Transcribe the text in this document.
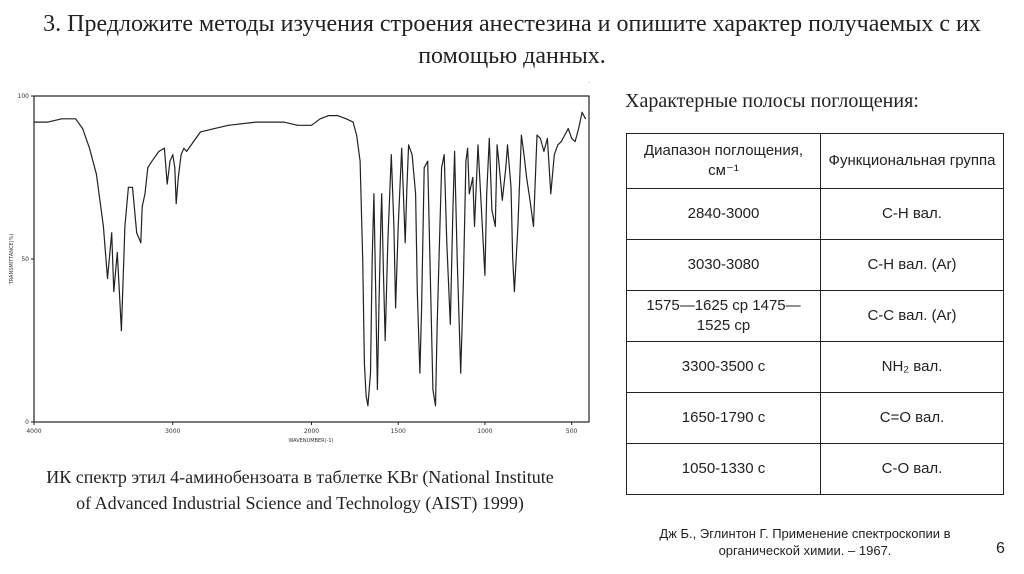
3. Предложите методы изучения строения анестезина и опишите характер получаемых с их помощью данных.
100
50
0
4000	3000	2000	1500	1000	500
TRANSMITTANCE(%)
WAVENUMBER(-1)
ИК спектр этил 4-аминобензоата в таблетке KBr (National Institute of Advanced Industrial Science and Technology (AIST) 1999)
Характерные полосы поглощения:
Диапазон поглощения, см⁻¹	Функциональная группа
2840-3000	С-Н вал.
3030-3080	С-Н вал. (Ar)
1575—1625 ср 1475—1525 ср	С-С вал. (Ar)
3300-3500 с	NH₂ вал.
1650-1790 с	С=О вал.
1050-1330 с	С-О вал.
Дж Б., Эглинтон Г. Применение спектроскопии в органической химии. – 1967.	6
